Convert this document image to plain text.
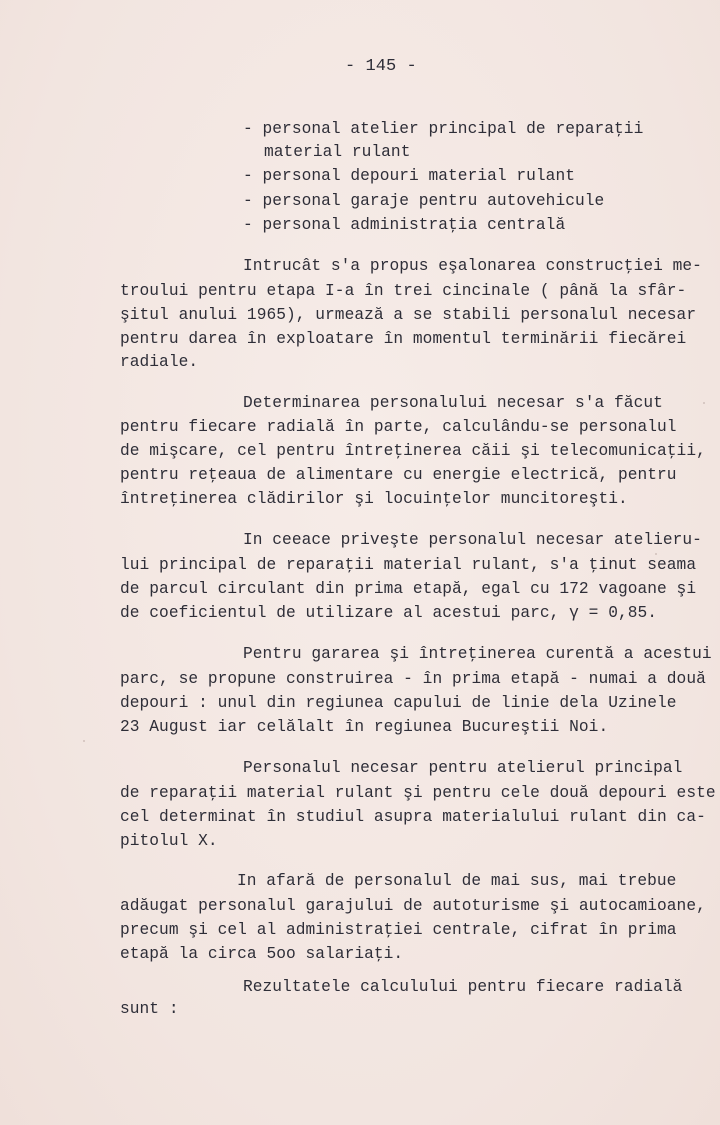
- 145 -
- personal atelier principal de reparaţii
material rulant
- personal depouri material rulant
- personal garaje pentru autovehicule
- personal administraţia centrală
Intrucât s'a propus eşalonarea construcţiei me-
troului pentru etapa I-a în trei cincinale ( până la sfâr-
şitul anului 1965), urmează a se stabili personalul necesar
pentru darea în exploatare în momentul terminării fiecărei
radiale.
Determinarea personalului necesar s'a făcut
pentru fiecare radială în parte, calculându-se personalul
de mişcare, cel pentru întreţinerea căii şi telecomunicaţii,
pentru reţeaua de alimentare cu energie electrică, pentru
întreţinerea clădirilor şi locuinţelor muncitoreşti.
In ceeace priveşte personalul necesar atelieru-
lui principal de reparaţii material rulant, s'a ţinut seama
de parcul circulant din prima etapă, egal cu 172 vagoane şi
de coeficientul de utilizare al acestui parc, γ = 0,85.
Pentru gararea şi întreţinerea curentă a acestui
parc, se propune construirea - în prima etapă - numai a două
depouri : unul din regiunea capului de linie dela Uzinele
23 August iar celălalt în regiunea Bucureştii Noi.
Personalul necesar pentru atelierul principal
de reparaţii material rulant şi pentru cele două depouri este
cel determinat în studiul asupra materialului rulant din ca-
pitolul X.
In afară de personalul de mai sus, mai trebue
adăugat personalul garajului de autoturisme şi autocamioane,
precum şi cel al administraţiei centrale, cifrat în prima
etapă la circa 5oo salariaţi.
Rezultatele calculului pentru fiecare radială
sunt :
